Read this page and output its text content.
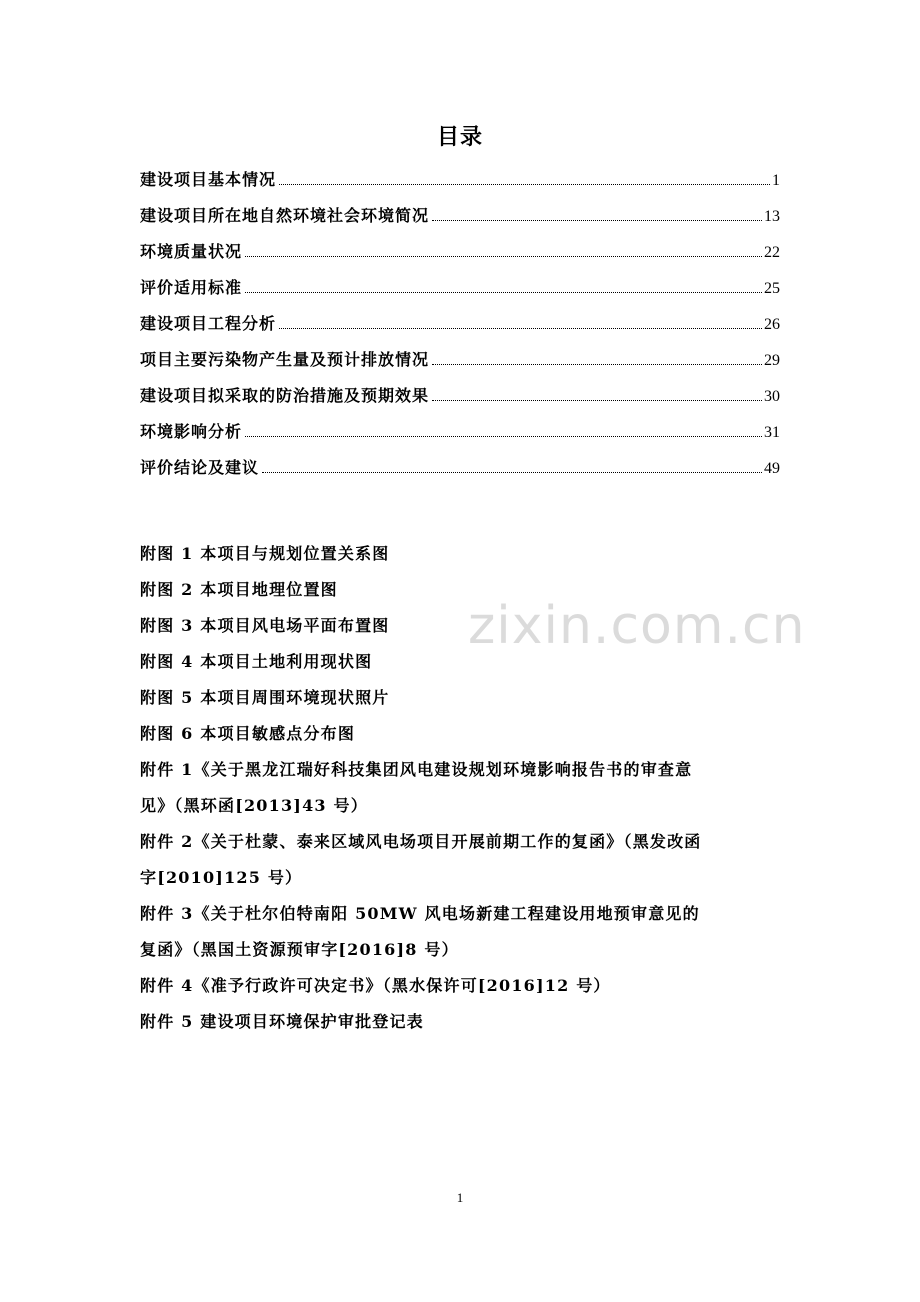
目录
建设项目基本情况	1
建设项目所在地自然环境社会环境简况	13
环境质量状况	22
评价适用标准	25
建设项目工程分析	26
项目主要污染物产生量及预计排放情况	29
建设项目拟采取的防治措施及预期效果	30
环境影响分析	31
评价结论及建议	49
zixin.com.cn
附图 1 本项目与规划位置关系图
附图 2 本项目地理位置图
附图 3 本项目风电场平面布置图
附图 4 本项目土地利用现状图
附图 5 本项目周围环境现状照片
附图 6 本项目敏感点分布图
附件 1《关于黑龙江瑞好科技集团风电建设规划环境影响报告书的审查意
见》（黑环函[2013]43 号）
附件 2《关于杜蒙、泰来区域风电场项目开展前期工作的复函》（黑发改函
字[2010]125 号）
附件 3《关于杜尔伯特南阳 50MW 风电场新建工程建设用地预审意见的
复函》（黑国土资源预审字[2016]8 号）
附件 4《准予行政许可决定书》（黑水保许可[2016]12 号）
附件 5 建设项目环境保护审批登记表
1
